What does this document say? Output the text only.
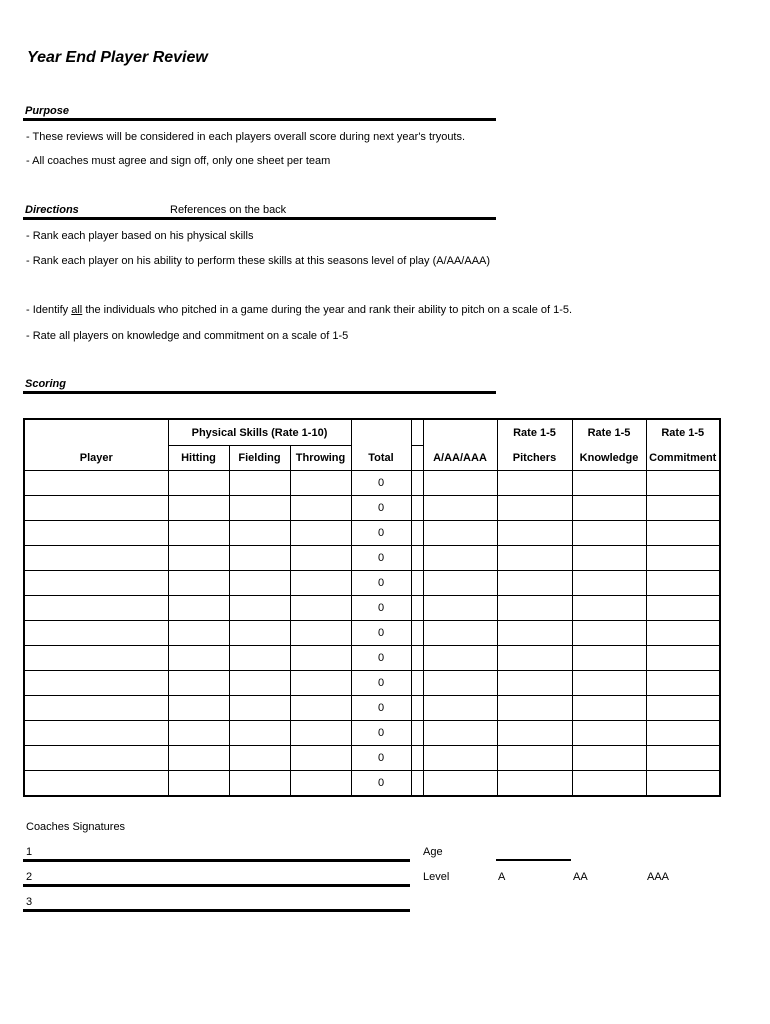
Year End Player Review
Purpose
- These reviews will be considered in each players overall score during next year's tryouts.
- All coaches must agree and sign off, only one sheet per team
Directions	References on the back
- Rank each player based on his physical skills
- Rank each player on his ability to perform these skills at this seasons level of play (A/AA/AAA)
- Identify all the individuals who pitched in a game during the year and rank their ability to pitch on a scale of 1-5.
- Rate all players on knowledge and commitment on a scale of 1-5
Scoring
	Physical Skills (Rate 1-10)						Rate 1-5	Rate 1-5	Rate 1-5
Player	Hitting	Fielding	Throwing	Total		A/AA/AAA	Pitchers	Knowledge	Commitment
				0					
				0					
				0					
				0					
				0					
				0					
				0					
				0					
				0					
				0					
				0					
				0					
				0					
Coaches Signatures
1
2
3
Age
Level	A	AA	AAA
